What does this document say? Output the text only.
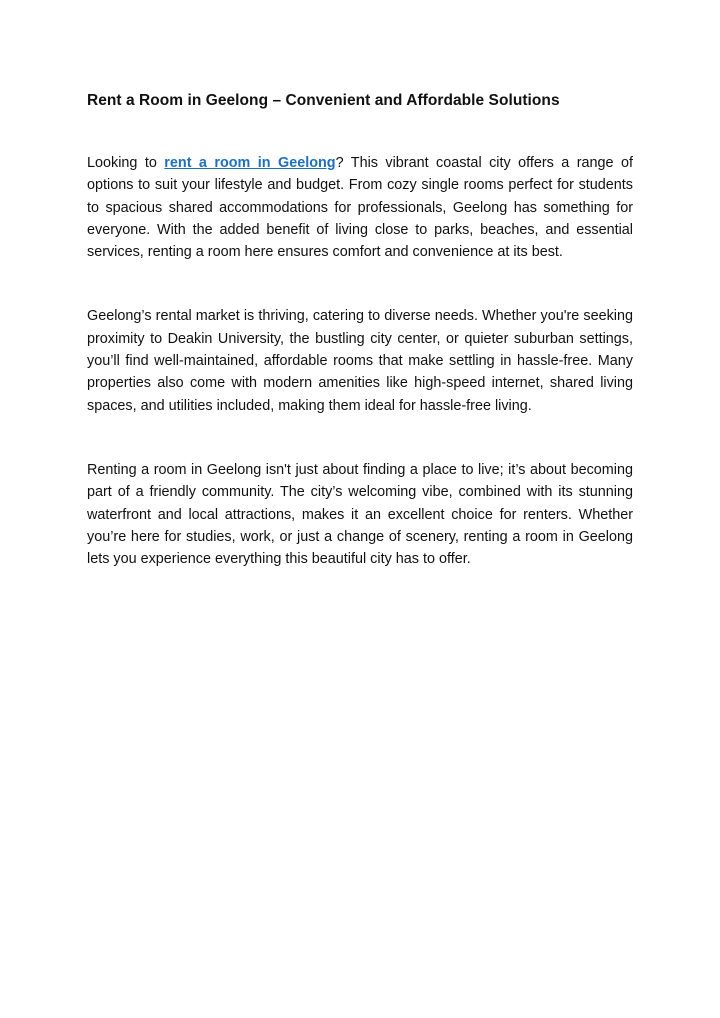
Rent a Room in Geelong – Convenient and Affordable Solutions

Looking to rent a room in Geelong? This vibrant coastal city offers a range of options to suit your lifestyle and budget. From cozy single rooms perfect for students to spacious shared accommodations for professionals, Geelong has something for everyone. With the added benefit of living close to parks, beaches, and essential services, renting a room here ensures comfort and convenience at its best.

Geelong’s rental market is thriving, catering to diverse needs. Whether you're seeking proximity to Deakin University, the bustling city center, or quieter suburban settings, you’ll find well-maintained, affordable rooms that make settling in hassle-free. Many properties also come with modern amenities like high-speed internet, shared living spaces, and utilities included, making them ideal for hassle-free living.

Renting a room in Geelong isn't just about finding a place to live; it’s about becoming part of a friendly community. The city’s welcoming vibe, combined with its stunning waterfront and local attractions, makes it an excellent choice for renters. Whether you’re here for studies, work, or just a change of scenery, renting a room in Geelong lets you experience everything this beautiful city has to offer.
